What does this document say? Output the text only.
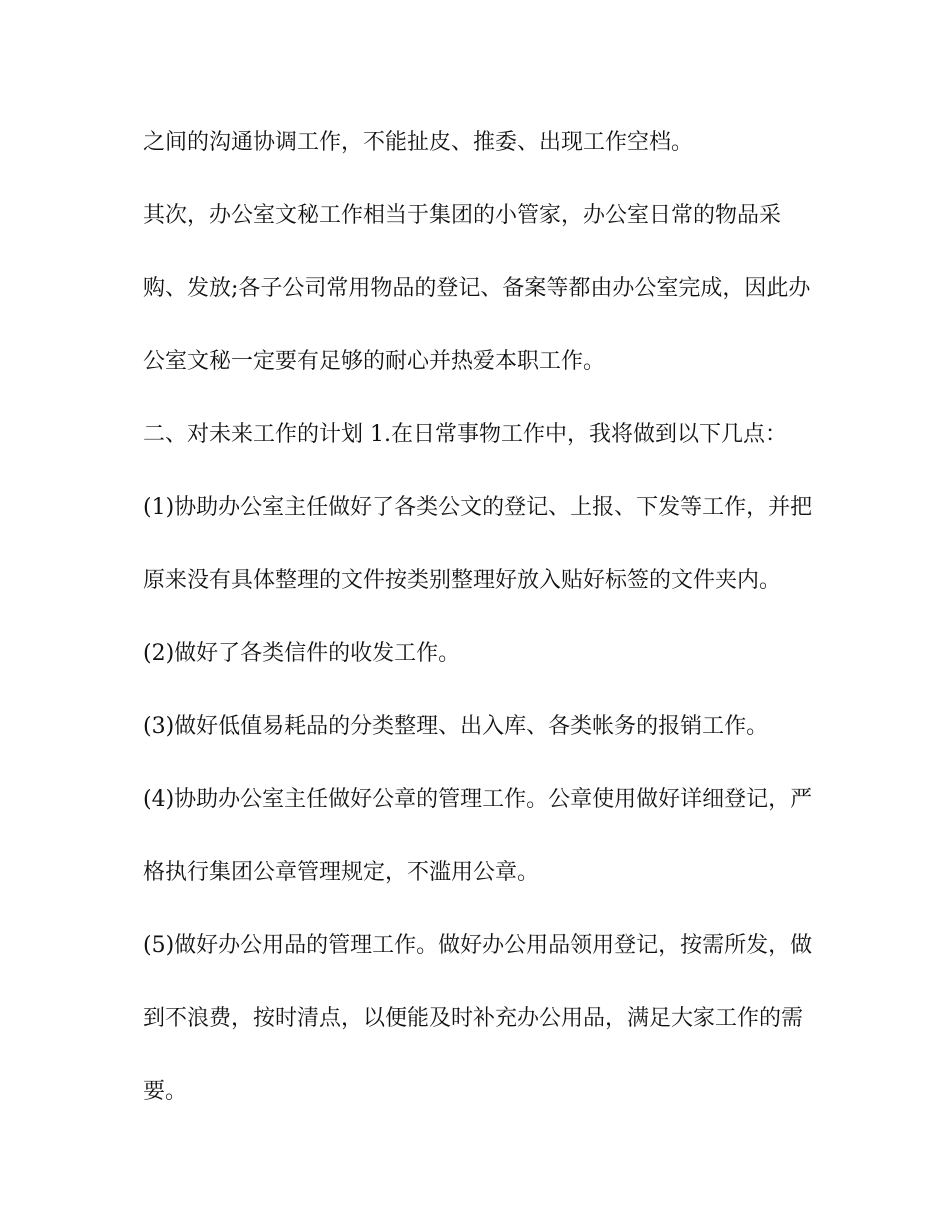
之间的沟通协调工作，不能扯皮、推委、出现工作空档。
其次，办公室文秘工作相当于集团的小管家，办公室日常的物品采
购、发放;各子公司常用物品的登记、备案等都由办公室完成，因此办
公室文秘一定要有足够的耐心并热爱本职工作。
二、对未来工作的计划 1.在日常事物工作中，我将做到以下几点：
(1)协助办公室主任做好了各类公文的登记、上报、下发等工作，并把
原来没有具体整理的文件按类别整理好放入贴好标签的文件夹内。
(2)做好了各类信件的收发工作。
(3)做好低值易耗品的分类整理、出入库、各类帐务的报销工作。
(4)协助办公室主任做好公章的管理工作。公章使用做好详细登记，严
格执行集团公章管理规定，不滥用公章。
(5)做好办公用品的管理工作。做好办公用品领用登记，按需所发，做
到不浪费，按时清点，以便能及时补充办公用品，满足大家工作的需
要。
